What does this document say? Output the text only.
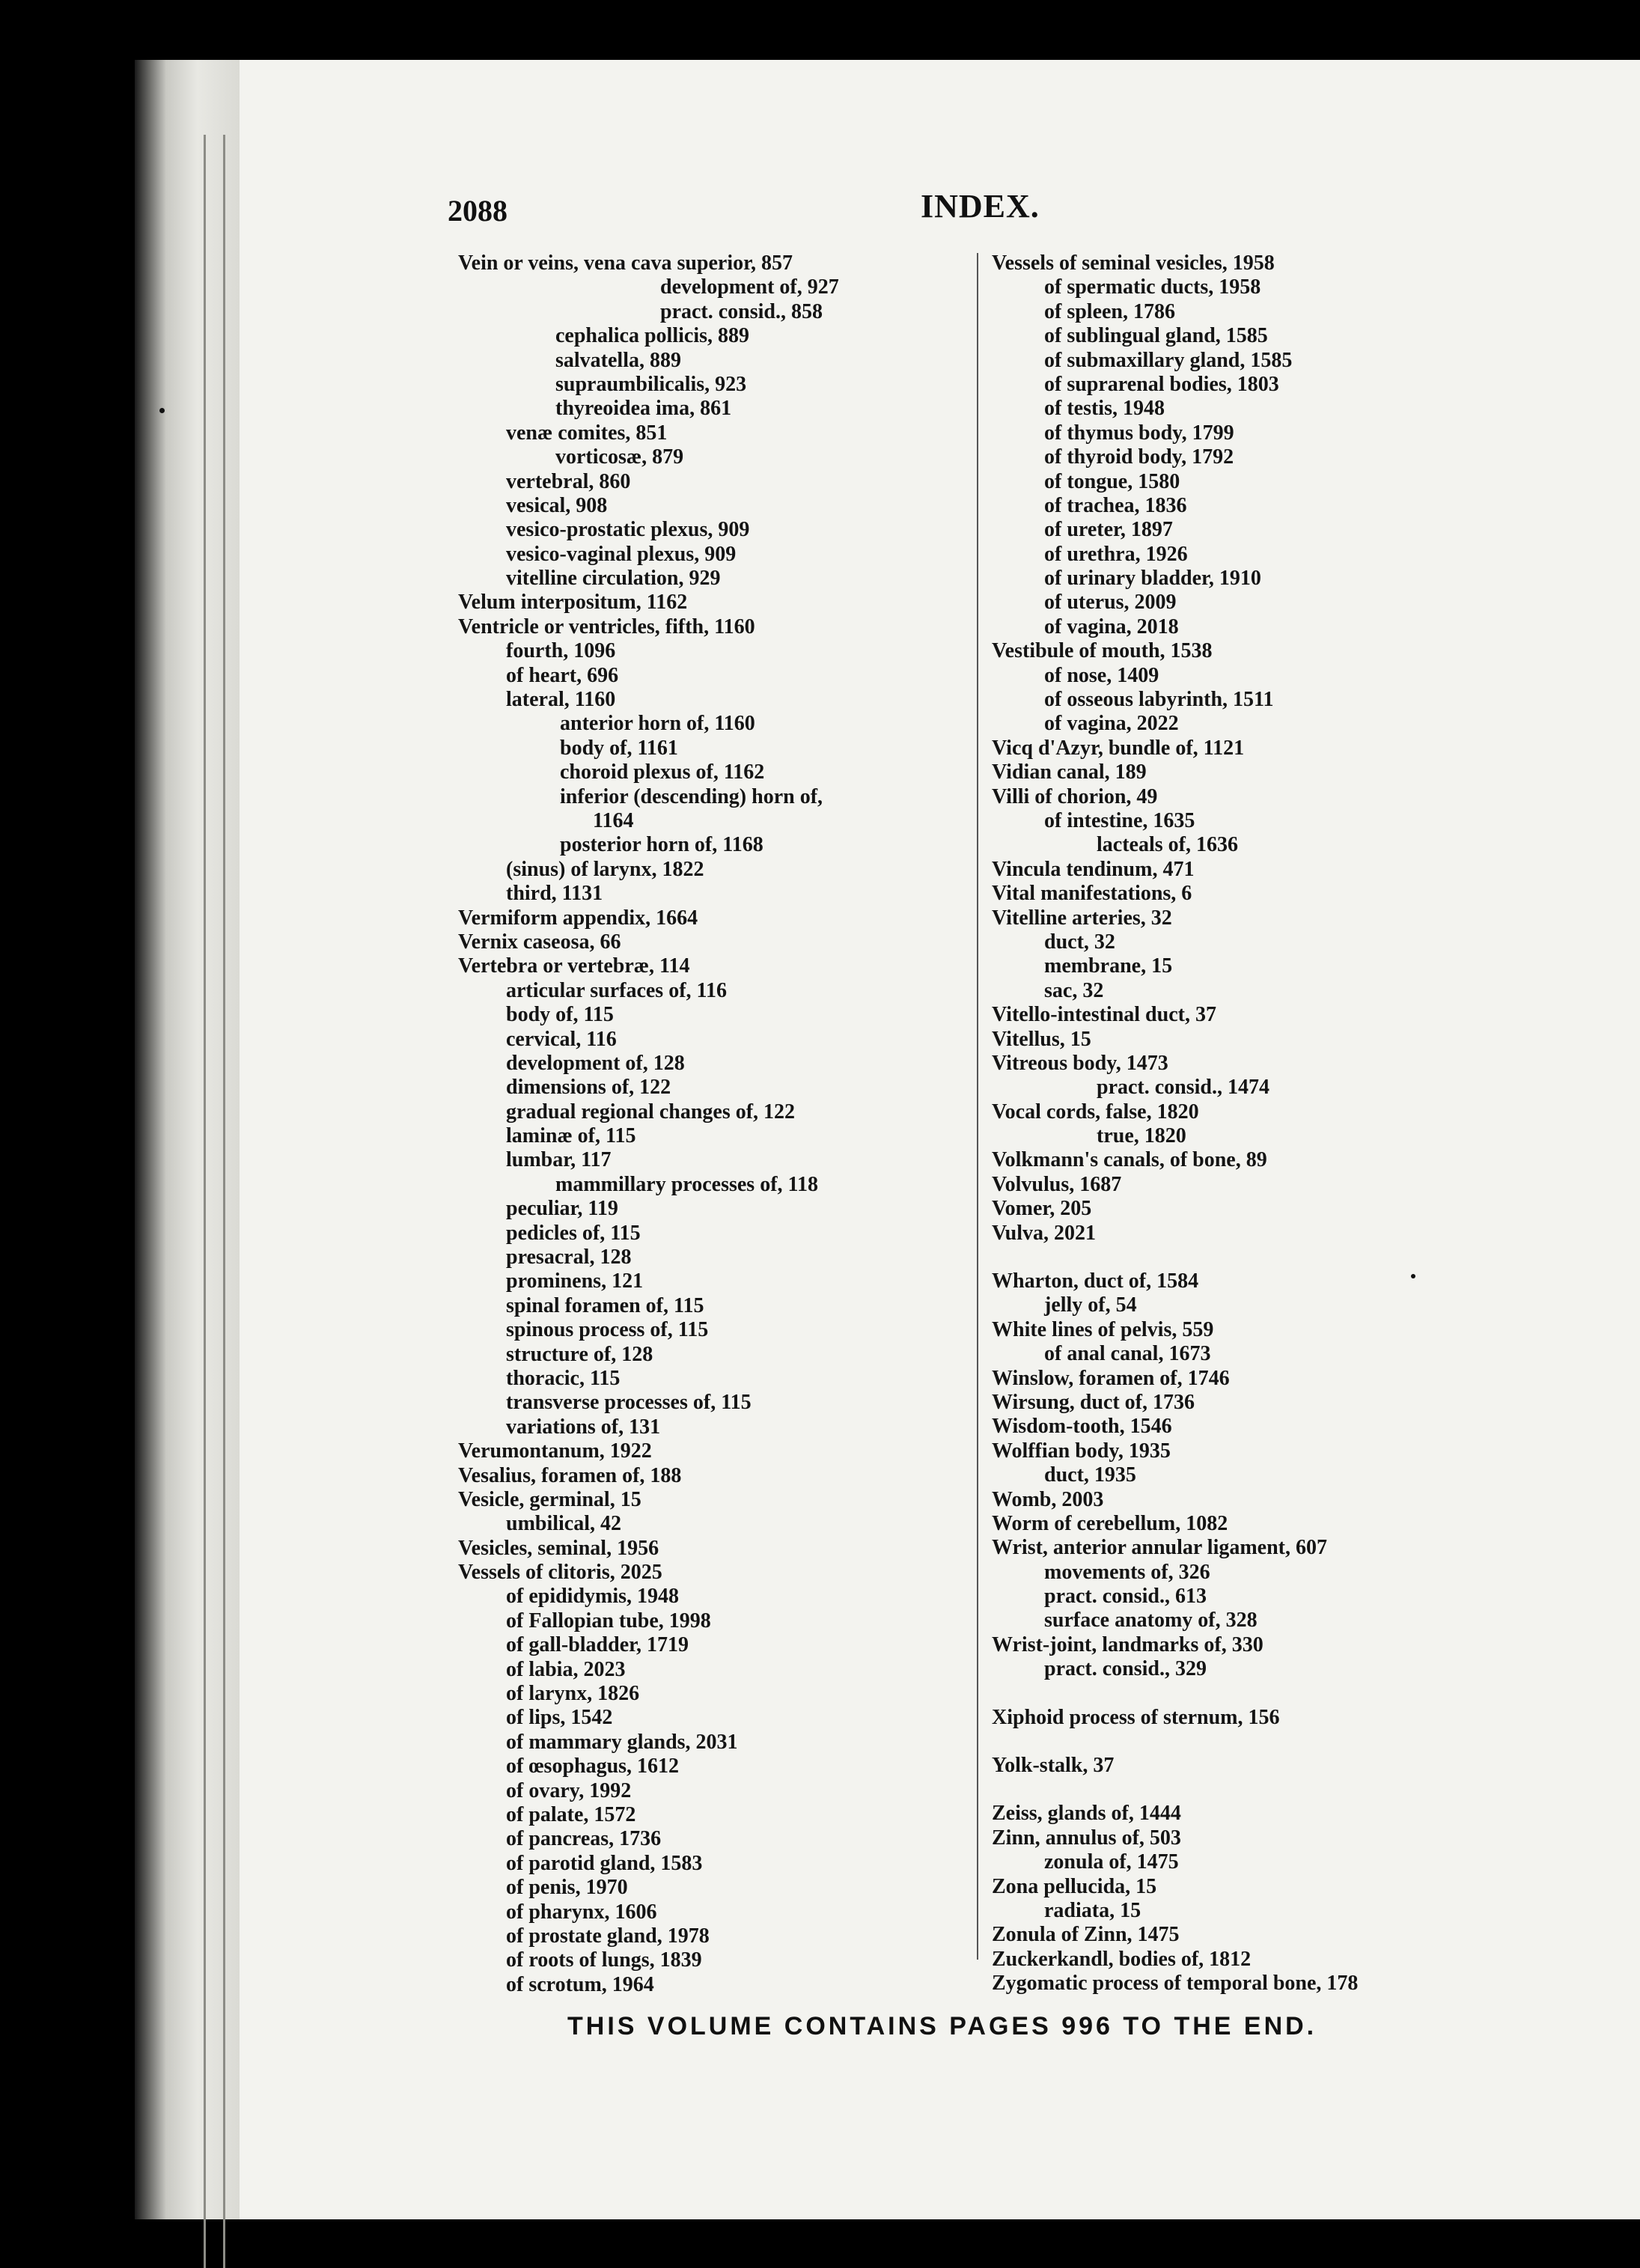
2088	INDEX.
Vein or veins, vena cava superior, 857
development of, 927
pract. consid., 858
cephalica pollicis, 889
salvatella, 889
supraumbilicalis, 923
thyreoidea ima, 861
venæ comites, 851
vorticosæ, 879
vertebral, 860
vesical, 908
vesico-prostatic plexus, 909
vesico-vaginal plexus, 909
vitelline circulation, 929
Velum interpositum, 1162
Ventricle or ventricles, fifth, 1160
fourth, 1096
of heart, 696
lateral, 1160
anterior horn of, 1160
body of, 1161
choroid plexus of, 1162
inferior (descending) horn of,
1164
posterior horn of, 1168
(sinus) of larynx, 1822
third, 1131
Vermiform appendix, 1664
Vernix caseosa, 66
Vertebra or vertebræ, 114
articular surfaces of, 116
body of, 115
cervical, 116
development of, 128
dimensions of, 122
gradual regional changes of, 122
laminæ of, 115
lumbar, 117
mammillary processes of, 118
peculiar, 119
pedicles of, 115
presacral, 128
prominens, 121
spinal foramen of, 115
spinous process of, 115
structure of, 128
thoracic, 115
transverse processes of, 115
variations of, 131
Verumontanum, 1922
Vesalius, foramen of, 188
Vesicle, germinal, 15
umbilical, 42
Vesicles, seminal, 1956
Vessels of clitoris, 2025
of epididymis, 1948
of Fallopian tube, 1998
of gall-bladder, 1719
of labia, 2023
of larynx, 1826
of lips, 1542
of mammary glands, 2031
of œsophagus, 1612
of ovary, 1992
of palate, 1572
of pancreas, 1736
of parotid gland, 1583
of penis, 1970
of pharynx, 1606
of prostate gland, 1978
of roots of lungs, 1839
of scrotum, 1964
Vessels of seminal vesicles, 1958
of spermatic ducts, 1958
of spleen, 1786
of sublingual gland, 1585
of submaxillary gland, 1585
of suprarenal bodies, 1803
of testis, 1948
of thymus body, 1799
of thyroid body, 1792
of tongue, 1580
of trachea, 1836
of ureter, 1897
of urethra, 1926
of urinary bladder, 1910
of uterus, 2009
of vagina, 2018
Vestibule of mouth, 1538
of nose, 1409
of osseous labyrinth, 1511
of vagina, 2022
Vicq d'Azyr, bundle of, 1121
Vidian canal, 189
Villi of chorion, 49
of intestine, 1635
lacteals of, 1636
Vincula tendinum, 471
Vital manifestations, 6
Vitelline arteries, 32
duct, 32
membrane, 15
sac, 32
Vitello-intestinal duct, 37
Vitellus, 15
Vitreous body, 1473
pract. consid., 1474
Vocal cords, false, 1820
true, 1820
Volkmann's canals, of bone, 89
Volvulus, 1687
Vomer, 205
Vulva, 2021
Wharton, duct of, 1584
jelly of, 54
White lines of pelvis, 559
of anal canal, 1673
Winslow, foramen of, 1746
Wirsung, duct of, 1736
Wisdom-tooth, 1546
Wolffian body, 1935
duct, 1935
Womb, 2003
Worm of cerebellum, 1082
Wrist, anterior annular ligament, 607
movements of, 326
pract. consid., 613
surface anatomy of, 328
Wrist-joint, landmarks of, 330
pract. consid., 329
Xiphoid process of sternum, 156
Yolk-stalk, 37
Zeiss, glands of, 1444
Zinn, annulus of, 503
zonula of, 1475
Zona pellucida, 15
radiata, 15
Zonula of Zinn, 1475
Zuckerkandl, bodies of, 1812
Zygomatic process of temporal bone, 178
THIS VOLUME CONTAINS PAGES 996 TO THE END.
